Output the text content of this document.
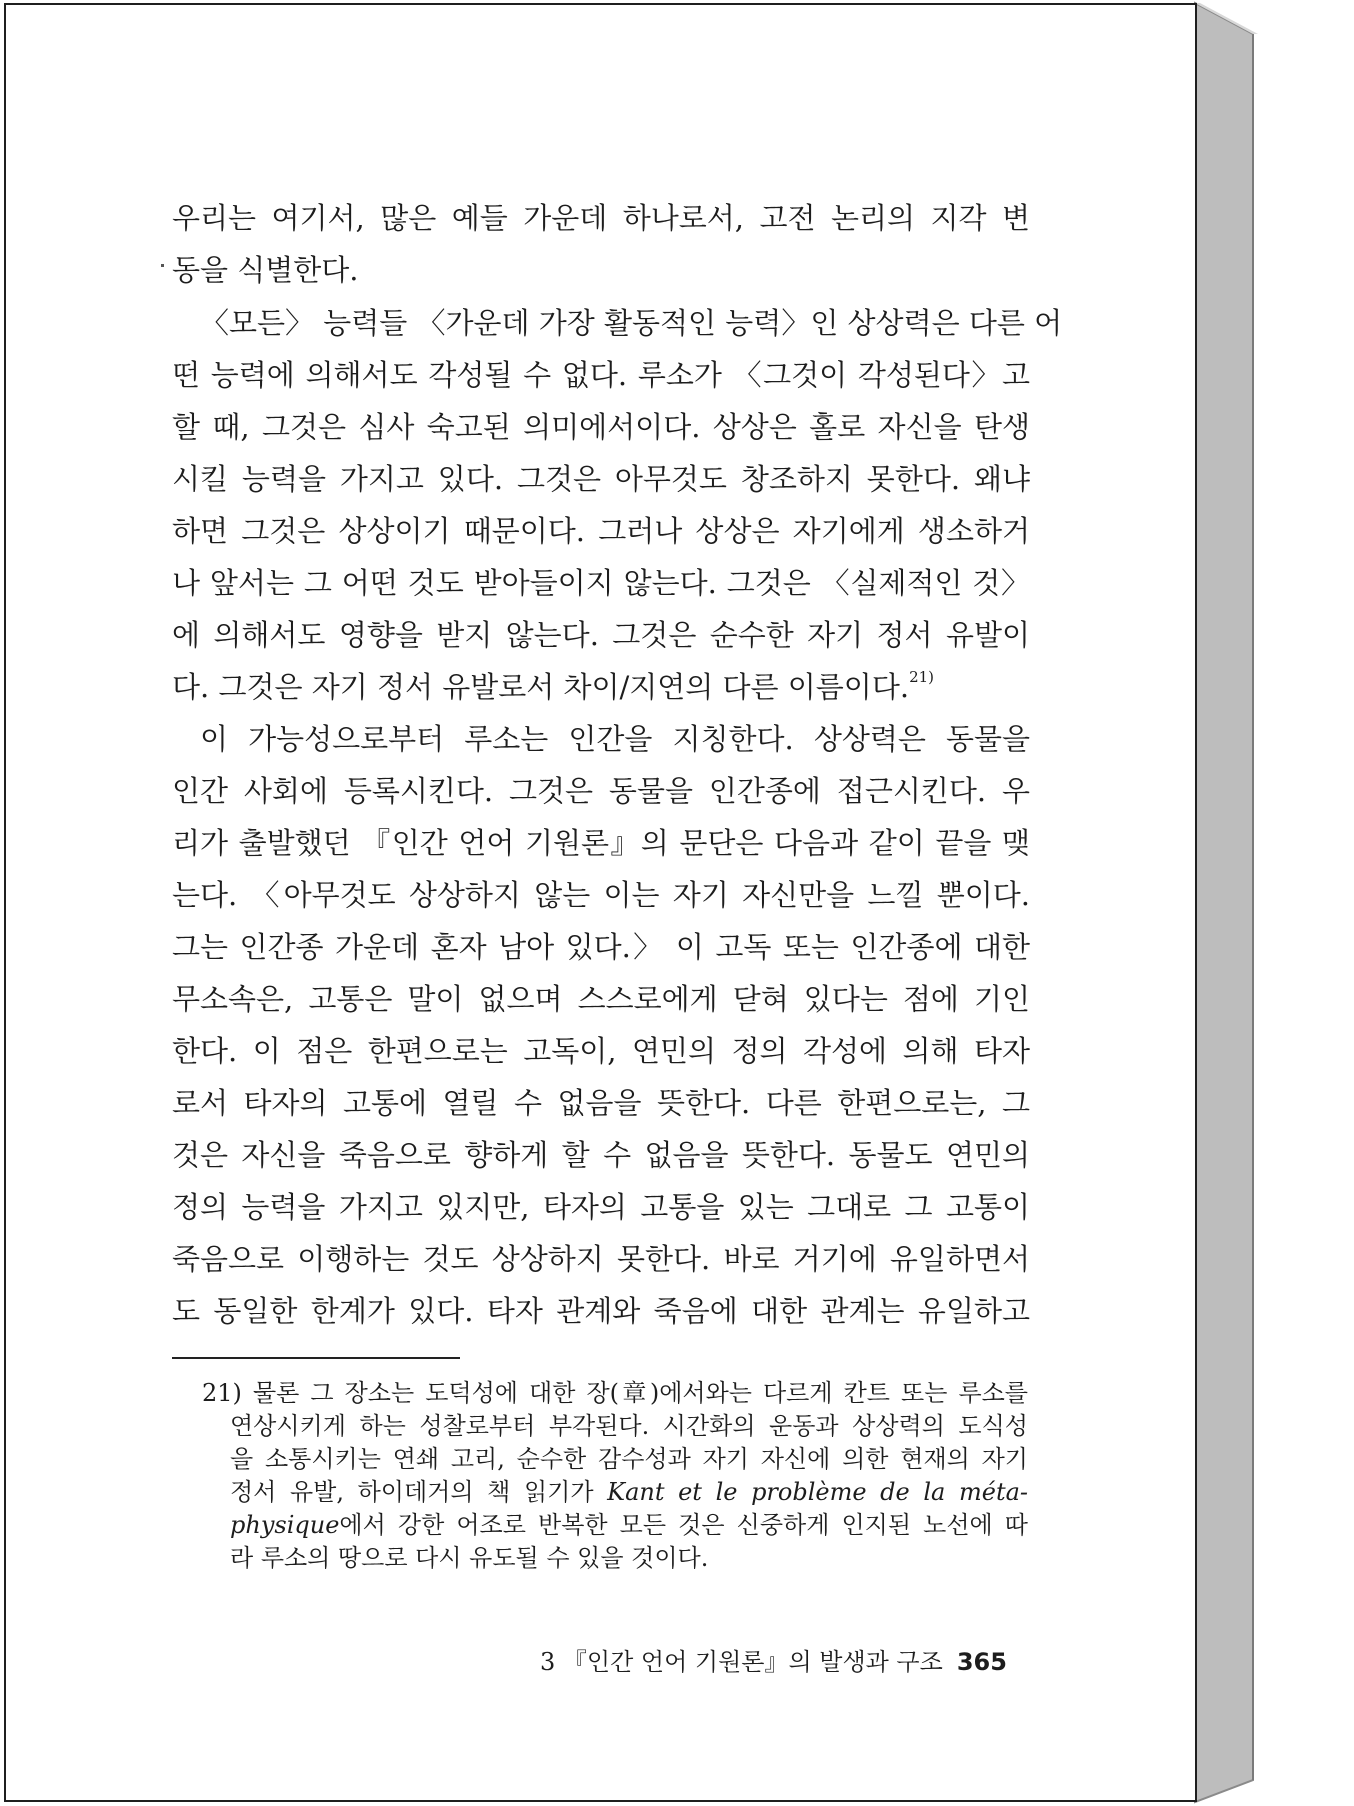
우리는 여기서, 많은 예들 가운데 하나로서, 고전 논리의 지각 변
동을 식별한다.
〈모든〉 능력들 〈가운데 가장 활동적인 능력〉인 상상력은 다른 어
떤 능력에 의해서도 각성될 수 없다. 루소가 〈그것이 각성된다〉고
할 때, 그것은 심사 숙고된 의미에서이다. 상상은 홀로 자신을 탄생
시킬 능력을 가지고 있다. 그것은 아무것도 창조하지 못한다. 왜냐
하면 그것은 상상이기 때문이다. 그러나 상상은 자기에게 생소하거
나 앞서는 그 어떤 것도 받아들이지 않는다. 그것은 〈실제적인 것〉
에 의해서도 영향을 받지 않는다. 그것은 순수한 자기 정서 유발이
다. 그것은 자기 정서 유발로서 차이/지연의 다른 이름이다.$^{21)}$
이 가능성으로부터 루소는 인간을 지칭한다. 상상력은 동물을
인간 사회에 등록시킨다. 그것은 동물을 인간종에 접근시킨다. 우
리가 출발했던 『인간 언어 기원론』의 문단은 다음과 같이 끝을 맺
는다. 〈아무것도 상상하지 않는 이는 자기 자신만을 느낄 뿐이다.
그는 인간종 가운데 혼자 남아 있다.〉 이 고독 또는 인간종에 대한
무소속은, 고통은 말이 없으며 스스로에게 닫혀 있다는 점에 기인
한다. 이 점은 한편으로는 고독이, 연민의 정의 각성에 의해 타자
로서 타자의 고통에 열릴 수 없음을 뜻한다. 다른 한편으로는, 그
것은 자신을 죽음으로 향하게 할 수 없음을 뜻한다. 동물도 연민의
정의 능력을 가지고 있지만, 타자의 고통을 있는 그대로 그 고통이
죽음으로 이행하는 것도 상상하지 못한다. 바로 거기에 유일하면서
도 동일한 한계가 있다. 타자 관계와 죽음에 대한 관계는 유일하고
21) 물론 그 장소는 도덕성에 대한 장(章)에서와는 다르게 칸트 또는 루소를
연상시키게 하는 성찰로부터 부각된다. 시간화의 운동과 상상력의 도식성
을 소통시키는 연쇄 고리, 순수한 감수성과 자기 자신에 의한 현재의 자기
정서 유발, 하이데거의 책 읽기가 Kant et le problème de la méta-
physique에서 강한 어조로 반복한 모든 것은 신중하게 인지된 노선에 따
라 루소의 땅으로 다시 유도될 수 있을 것이다.
3 『인간 언어 기원론』의 발생과 구조 365
